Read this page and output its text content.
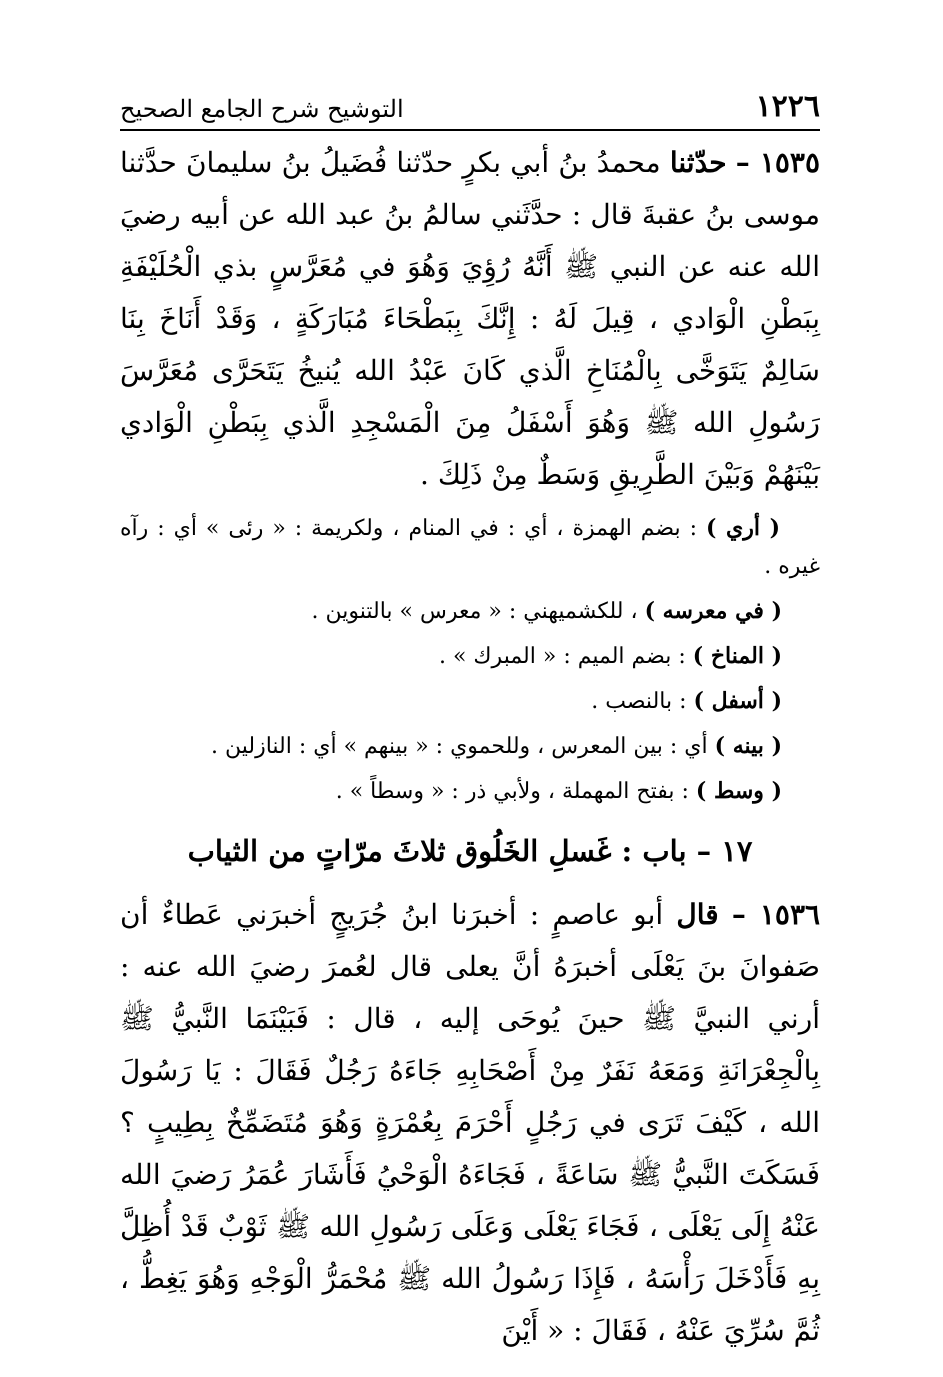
١٢٢٦
التوشيح شرح الجامع الصحيح

١٥٣٥ – حدّثنا محمدُ بنُ أبي بكرٍ حدّثنا فُضَيلُ بنُ سليمانَ حدَّثنا موسى بنُ عقبةَ قال : حدَّثَني سالمُ بنُ عبد الله عن أبيه رضيَ الله عنه عن النبي ﷺ أَنَّهُ رُؤِيَ وَهُوَ في مُعَرَّسٍ بذي الْحُلَيْفَةِ بِبَطْنِ الْوَادي ، قِيلَ لَهُ : إِنَّكَ بِبَطْحَاءَ مُبَارَكَةٍ ، وَقَدْ أَنَاخَ بِنَا سَالِمٌ يَتَوَخَّى بِالْمُنَاخِ الَّذي كَانَ عَبْدُ الله يُنيخُ يَتَحَرَّى مُعَرَّسَ رَسُولِ الله ﷺ وَهُوَ أَسْفَلُ مِنَ الْمَسْجِدِ الَّذي بِبَطْنِ الْوَادي بَيْنَهُمْ وَبَيْنَ الطَّرِيقِ وَسَطٌ مِنْ ذَلِكَ .

( أري ) : بضم الهمزة ، أي : في المنام ، ولكريمة : « رئى » أي : رآه غيره .

( في معرسه ) ، للكشميهني : « معرس » بالتنوين .

( المناخ ) : بضم الميم : « المبرك » .

( أسفل ) : بالنصب .

( بينه ) أي : بين المعرس ، وللحموي : « بينهم » أي : النازلين .

( وسط ) : بفتح المهملة ، ولأبي ذر : « وسطاً » .

١٧ – باب : غَسلِ الخَلُوق ثلاثَ مرّاتٍ من الثياب

١٥٣٦ – قال أبو عاصمٍ : أخبرَنا ابنُ جُرَيجٍ أخبرَني عَطاءٌ أن صَفوانَ بنَ يَعْلَى أخبرَهُ أنَّ يعلى قال لعُمرَ رضيَ الله عنه : أرني النبيَّ ﷺ حينَ يُوحَى إليه ، قال : فَبَيْنَمَا النَّبيُّ ﷺ بِالْجِعْرَانَةِ وَمَعَهُ نَفَرٌ مِنْ أَصْحَابِهِ جَاءَهُ رَجُلٌ فَقَالَ : يَا رَسُولَ الله ، كَيْفَ تَرَى في رَجُلٍ أَحْرَمَ بِعُمْرَةٍ وَهُوَ مُتَضَمِّخٌ بِطِيبٍ ؟ فَسَكَتَ النَّبيُّ ﷺ سَاعَةً ، فَجَاءَهُ الْوَحْيُ فَأَشَارَ عُمَرُ رَضيَ الله عَنْهُ إِلَى يَعْلَى ، فَجَاءَ يَعْلَى وَعَلَى رَسُولِ الله ﷺ ثَوْبٌ قَدْ أُظِلَّ بِهِ فَأَدْخَلَ رَأْسَهُ ، فَإِذَا رَسُولُ الله ﷺ مُحْمَرُّ الْوَجْهِ وَهُوَ يَغِطُّ ، ثُمَّ سُرِّيَ عَنْهُ ، فَقَالَ : « أَيْنَ
